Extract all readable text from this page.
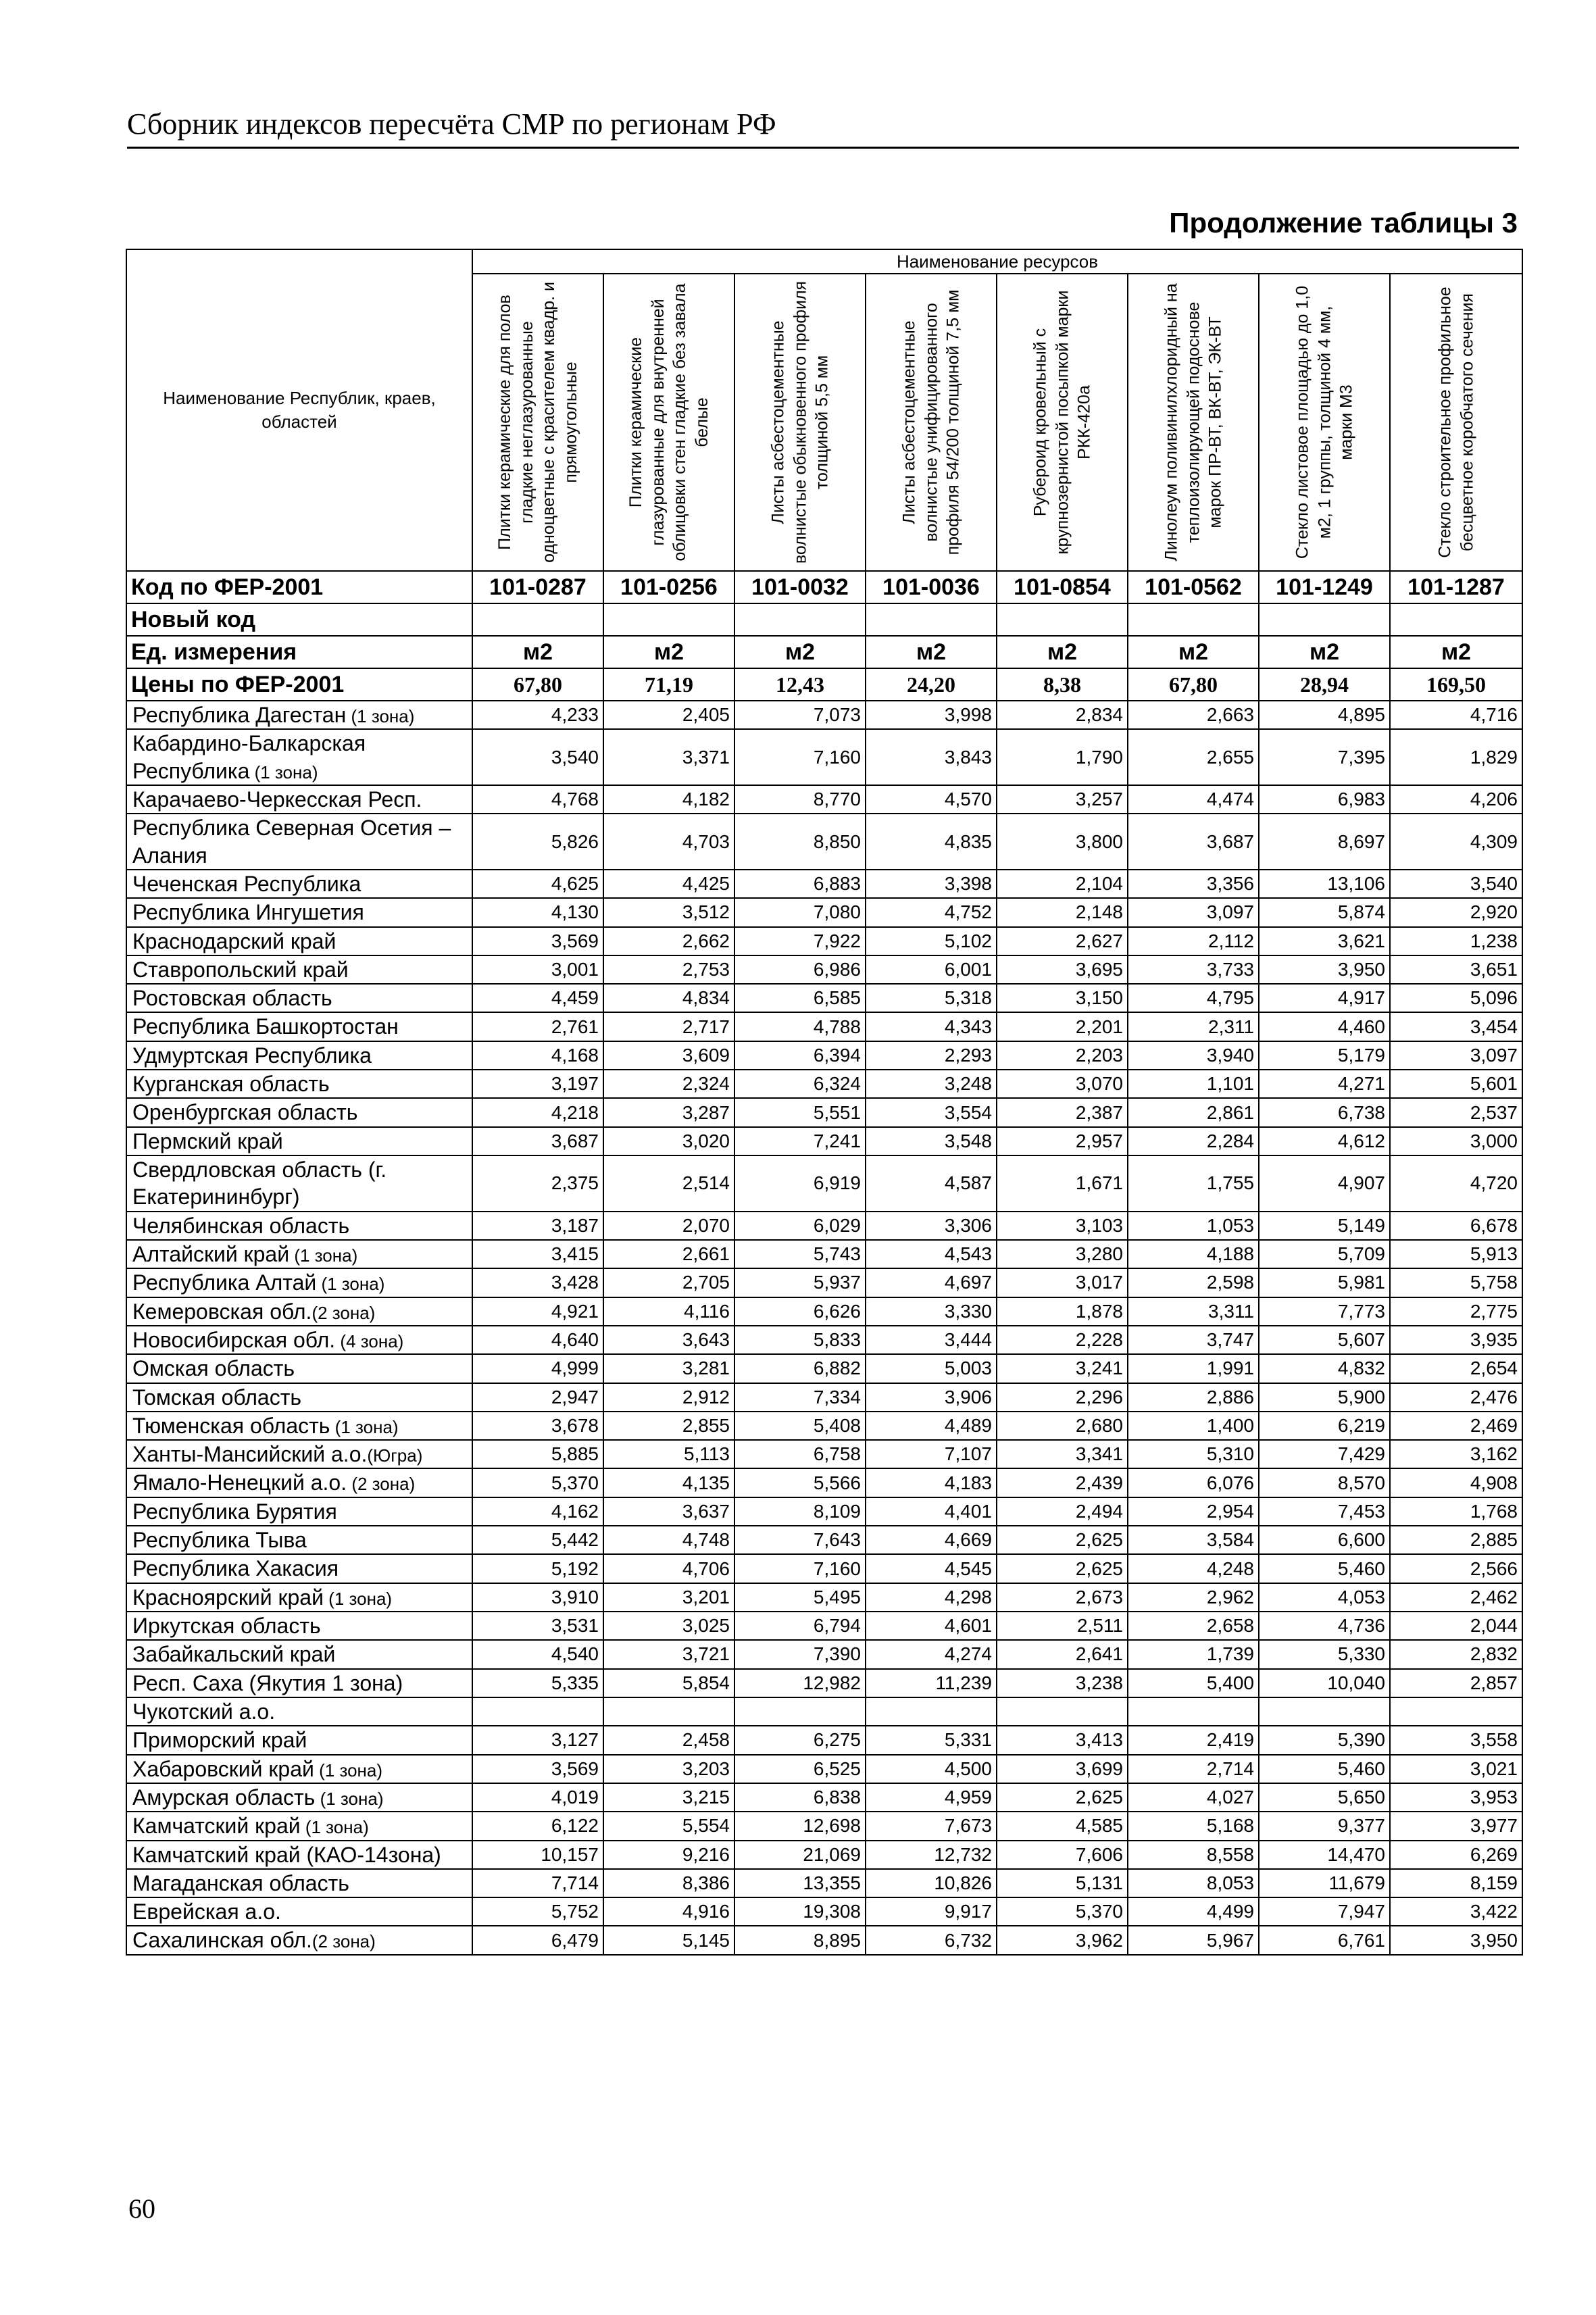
Сборник индексов пересчёта СМР по регионам РФ
Продолжение таблицы 3
Наименование Республик, краев, областей	Наименование ресурсов							

	Плитки керамические для полов гладкие неглазурованные одноцветные с красителем квадр. и прямоугольные	Плитки керамические глазурованные для внутренней облицовки стен гладкие без завала белые	Листы асбестоцементные волнистые обыкновенного профиля толщиной 5,5 мм	Листы асбестоцементные волнистые унифицированного профиля 54/200 толщиной 7,5 мм	Рубероид кровельный с крупнозернистой посыпкой марки РКК-420а	Линолеум поливинилхлоридный на теплоизолирующей подоснове марок ПР-ВТ, ВК-ВТ, ЭК-ВТ	Стекло листовое площадью до 1,0 м2, 1 группы, толщиной 4 мм, марки М3	Стекло строительное профильное бесцветное коробчатого сечения

Код по ФЕР-2001	101-0287	101-0256	101-0032	101-0036	101-0854	101-0562	101-1249	101-1287
Новый код								
Ед. измерения	м2	м2	м2	м2	м2	м2	м2	м2
Цены по ФЕР-2001	67,80	71,19	12,43	24,20	8,38	67,80	28,94	169,50
Республика Дагестан (1 зона)	4,233	2,405	7,073	3,998	2,834	2,663	4,895	4,716
Кабардино-Балкарская Республика (1 зона)	3,540	3,371	7,160	3,843	1,790	2,655	7,395	1,829
Карачаево-Черкесская Респ.	4,768	4,182	8,770	4,570	3,257	4,474	6,983	4,206
Республика Северная Осетия – Алания	5,826	4,703	8,850	4,835	3,800	3,687	8,697	4,309
Чеченская Республика	4,625	4,425	6,883	3,398	2,104	3,356	13,106	3,540
Республика Ингушетия	4,130	3,512	7,080	4,752	2,148	3,097	5,874	2,920
Краснодарский край	3,569	2,662	7,922	5,102	2,627	2,112	3,621	1,238
Ставропольский край	3,001	2,753	6,986	6,001	3,695	3,733	3,950	3,651
Ростовская область	4,459	4,834	6,585	5,318	3,150	4,795	4,917	5,096
Республика Башкортостан	2,761	2,717	4,788	4,343	2,201	2,311	4,460	3,454
Удмуртская Республика	4,168	3,609	6,394	2,293	2,203	3,940	5,179	3,097
Курганская область	3,197	2,324	6,324	3,248	3,070	1,101	4,271	5,601
Оренбургская область	4,218	3,287	5,551	3,554	2,387	2,861	6,738	2,537
Пермский край	3,687	3,020	7,241	3,548	2,957	2,284	4,612	3,000
Свердловская область (г. Екатерининбург)	2,375	2,514	6,919	4,587	1,671	1,755	4,907	4,720
Челябинская область	3,187	2,070	6,029	3,306	3,103	1,053	5,149	6,678
Алтайский край (1 зона)	3,415	2,661	5,743	4,543	3,280	4,188	5,709	5,913
Республика Алтай (1 зона)	3,428	2,705	5,937	4,697	3,017	2,598	5,981	5,758
Кемеровская обл.(2 зона)	4,921	4,116	6,626	3,330	1,878	3,311	7,773	2,775
Новосибирская обл. (4 зона)	4,640	3,643	5,833	3,444	2,228	3,747	5,607	3,935
Омская область	4,999	3,281	6,882	5,003	3,241	1,991	4,832	2,654
Томская область	2,947	2,912	7,334	3,906	2,296	2,886	5,900	2,476
Тюменская область (1 зона)	3,678	2,855	5,408	4,489	2,680	1,400	6,219	2,469
Ханты-Мансийский а.о.(Югра)	5,885	5,113	6,758	7,107	3,341	5,310	7,429	3,162
Ямало-Ненецкий а.о. (2 зона)	5,370	4,135	5,566	4,183	2,439	6,076	8,570	4,908
Республика Бурятия	4,162	3,637	8,109	4,401	2,494	2,954	7,453	1,768
Республика Тыва	5,442	4,748	7,643	4,669	2,625	3,584	6,600	2,885
Республика Хакасия	5,192	4,706	7,160	4,545	2,625	4,248	5,460	2,566
Красноярский край (1 зона)	3,910	3,201	5,495	4,298	2,673	2,962	4,053	2,462
Иркутская область	3,531	3,025	6,794	4,601	2,511	2,658	4,736	2,044
Забайкальский край	4,540	3,721	7,390	4,274	2,641	1,739	5,330	2,832
Респ. Саха (Якутия 1 зона)	5,335	5,854	12,982	11,239	3,238	5,400	10,040	2,857
Чукотский а.о.								
Приморский край	3,127	2,458	6,275	5,331	3,413	2,419	5,390	3,558
Хабаровский край (1 зона)	3,569	3,203	6,525	4,500	3,699	2,714	5,460	3,021
Амурская область (1 зона)	4,019	3,215	6,838	4,959	2,625	4,027	5,650	3,953
Камчатский край (1 зона)	6,122	5,554	12,698	7,673	4,585	5,168	9,377	3,977
Камчатский край (КАО-14зона)	10,157	9,216	21,069	12,732	7,606	8,558	14,470	6,269
Магаданская область	7,714	8,386	13,355	10,826	5,131	8,053	11,679	8,159
Еврейская а.о.	5,752	4,916	19,308	9,917	5,370	4,499	7,947	3,422
Сахалинская обл.(2 зона)	6,479	5,145	8,895	6,732	3,962	5,967	6,761	3,950
60
